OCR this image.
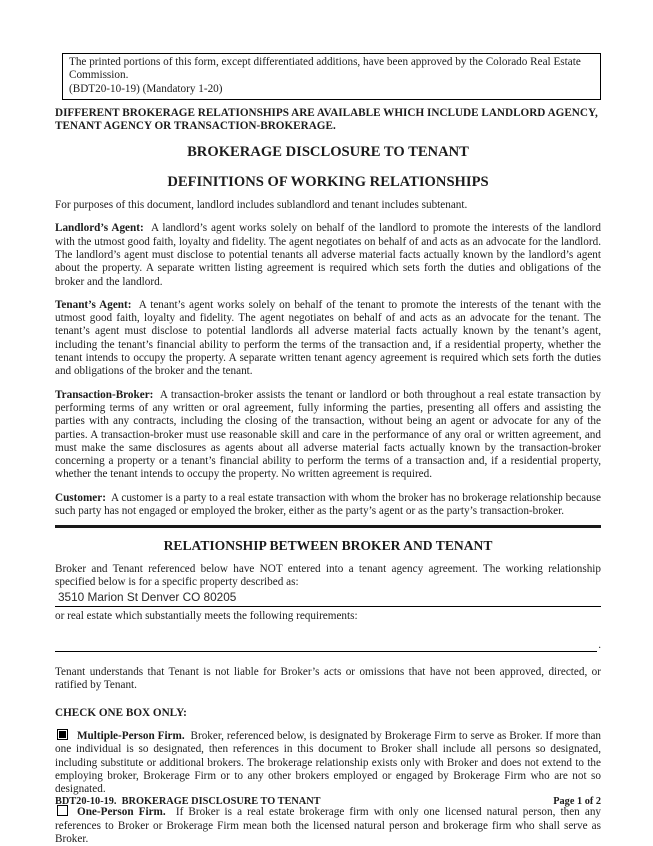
The printed portions of this form, except differentiated additions, have been approved by the Colorado Real Estate Commission.
(BDT20-10-19) (Mandatory 1-20)

DIFFERENT BROKERAGE RELATIONSHIPS ARE AVAILABLE WHICH INCLUDE LANDLORD AGENCY, TENANT AGENCY OR TRANSACTION-BROKERAGE.

BROKERAGE DISCLOSURE TO TENANT
DEFINITIONS OF WORKING RELATIONSHIPS

For purposes of this document, landlord includes sublandlord and tenant includes subtenant.

Landlord’s Agent: A landlord’s agent works solely on behalf of the landlord to promote the interests of the landlord with the utmost good faith, loyalty and fidelity. The agent negotiates on behalf of and acts as an advocate for the landlord. The landlord’s agent must disclose to potential tenants all adverse material facts actually known by the landlord’s agent about the property. A separate written listing agreement is required which sets forth the duties and obligations of the broker and the landlord.

Tenant’s Agent: A tenant’s agent works solely on behalf of the tenant to promote the interests of the tenant with the utmost good faith, loyalty and fidelity. The agent negotiates on behalf of and acts as an advocate for the tenant. The tenant’s agent must disclose to potential landlords all adverse material facts actually known by the tenant’s agent, including the tenant’s financial ability to perform the terms of the transaction and, if a residential property, whether the tenant intends to occupy the property. A separate written tenant agency agreement is required which sets forth the duties and obligations of the broker and the tenant.

Transaction-Broker: A transaction-broker assists the tenant or landlord or both throughout a real estate transaction by performing terms of any written or oral agreement, fully informing the parties, presenting all offers and assisting the parties with any contracts, including the closing of the transaction, without being an agent or advocate for any of the parties. A transaction-broker must use reasonable skill and care in the performance of any oral or written agreement, and must make the same disclosures as agents about all adverse material facts actually known by the transaction-broker concerning a property or a tenant’s financial ability to perform the terms of a transaction and, if a residential property, whether the tenant intends to occupy the property. No written agreement is required.

Customer: A customer is a party to a real estate transaction with whom the broker has no brokerage relationship because such party has not engaged or employed the broker, either as the party’s agent or as the party’s transaction-broker.

RELATIONSHIP BETWEEN BROKER AND TENANT

Broker and Tenant referenced below have NOT entered into a tenant agency agreement. The working relationship specified below is for a specific property described as:

3510 Marion St Denver CO 80205

or real estate which substantially meets the following requirements:

.

Tenant understands that Tenant is not liable for Broker’s acts or omissions that have not been approved, directed, or ratified by Tenant.

CHECK ONE BOX ONLY:

Multiple-Person Firm. Broker, referenced below, is designated by Brokerage Firm to serve as Broker. If more than one individual is so designated, then references in this document to Broker shall include all persons so designated, including substitute or additional brokers. The brokerage relationship exists only with Broker and does not extend to the employing broker, Brokerage Firm or to any other brokers employed or engaged by Brokerage Firm who are not so designated.

One-Person Firm. If Broker is a real estate brokerage firm with only one licensed natural person, then any references to Broker or Brokerage Firm mean both the licensed natural person and brokerage firm who shall serve as Broker.

BDT20-10-19. BROKERAGE DISCLOSURE TO TENANT	Page 1 of 2
